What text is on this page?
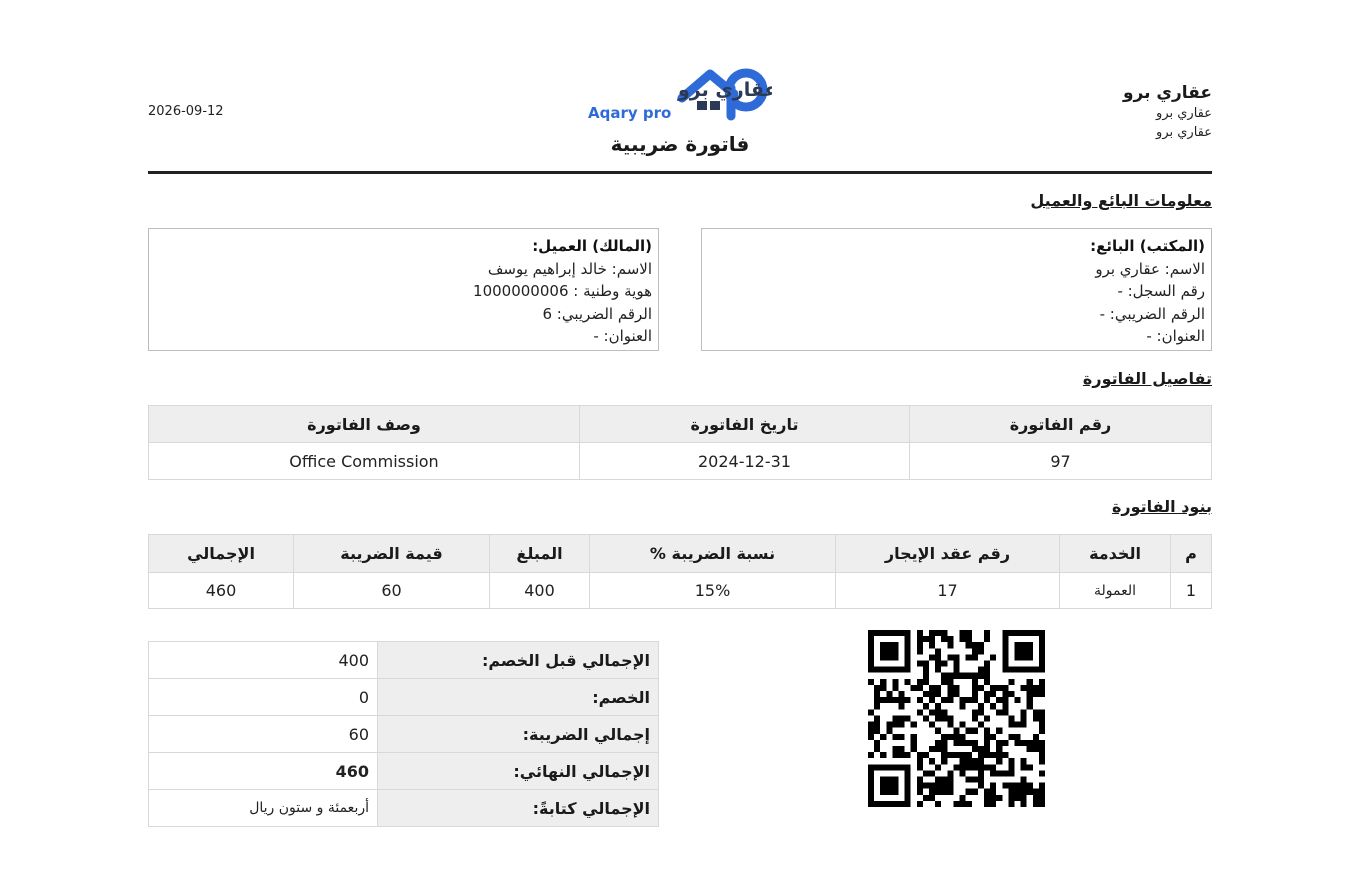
عقاري برو
عقاري برو
عقاري برو
2026-09-12
عقاري برو
Aqary pro
فاتورة ضريبية
معلومات البائع والعميل
(المكتب) البائع:
الاسم: عقاري برو
رقم السجل: -
الرقم الضريبي: -
العنوان: -
(المالك) العميل:
الاسم: خالد إبراهيم يوسف
هوية وطنية : 1000000006
الرقم الضريبي: 6
العنوان: -
تفاصيل الفاتورة
رقم الفاتورة	تاريخ الفاتورة	وصف الفاتورة
97	2024-12-31	Office Commission
بنود الفاتورة
م	الخدمة	رقم عقد الإيجار	نسبة الضريبة %	المبلغ	قيمة الضريبة	الإجمالي
1	العمولة	17	15%	400	60	460
الإجمالي قبل الخصم:	400
الخصم:	0
إجمالي الضريبة:	60
الإجمالي النهائي:	460
الإجمالي كتابةً:	أربعمئة و ستون ريال
